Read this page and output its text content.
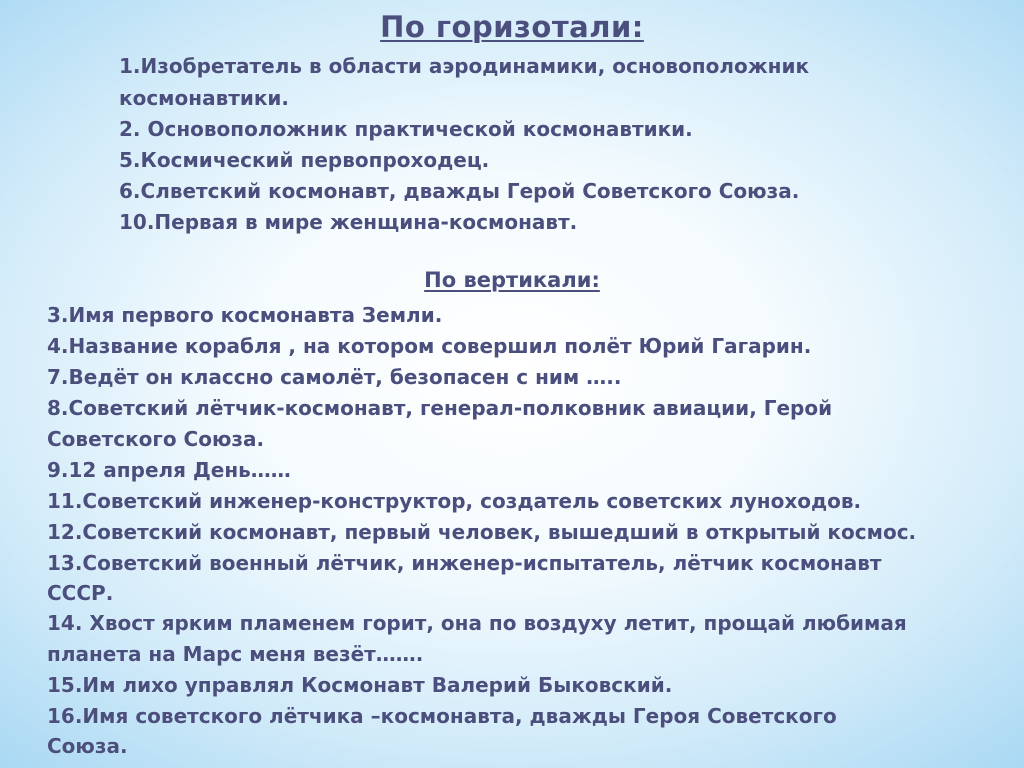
По горизотали:
1.Изобретатель в области аэродинамики, основоположник
космонавтики.
2. Основоположник практической космонавтики.
5.Космический первопроходец.
6.Слветский космонавт, дважды Герой Советского Союза.
10.Первая в мире женщина-космонавт.
По вертикали:
3.Имя первого космонавта Земли.
4.Название корабля , на котором совершил полёт Юрий Гагарин.
7.Ведёт он классно самолёт, безопасен с ним …..
8.Советский лётчик-космонавт, генерал-полковник авиации, Герой
Советского Союза.
9.12 апреля День……
11.Советский инженер-конструктор, создатель советских луноходов.
12.Советский космонавт, первый человек, вышедший в открытый космос.
13.Советский военный лётчик, инженер-испытатель, лётчик космонавт
СССР.
14. Хвост ярким пламенем горит, она по воздуху летит, прощай любимая
планета на Марс меня везёт…….
15.Им лихо управлял Космонавт Валерий Быковский.
16.Имя советского лётчика –космонавта, дважды Героя Советского
Союза.
